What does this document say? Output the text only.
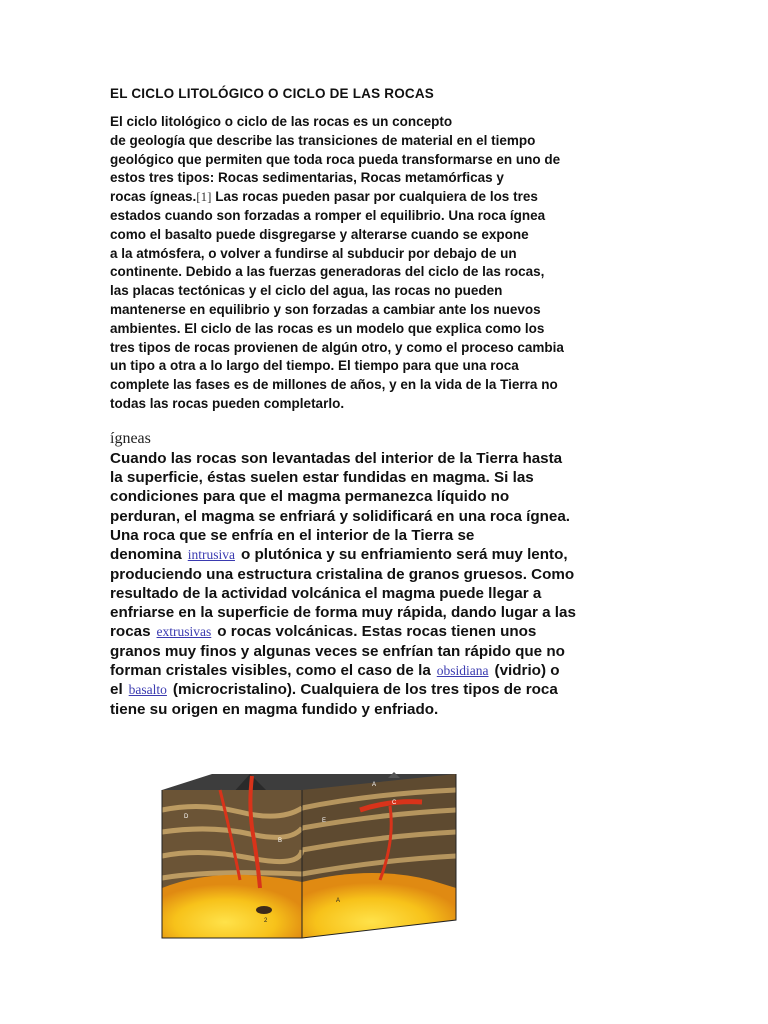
EL CICLO LITOLÓGICO O CICLO DE LAS ROCAS

El ciclo litológico o ciclo de las rocas es un concepto
de geología que describe las transiciones de material en el tiempo
geológico que permiten que toda roca pueda transformarse en uno de
estos tres tipos: Rocas sedimentarias, Rocas metamórficas y
rocas ígneas.[1] Las rocas pueden pasar por cualquiera de los tres
estados cuando son forzadas a romper el equilibrio. Una roca ígnea
como el basalto puede disgregarse y alterarse cuando se expone
a la atmósfera, o volver a fundirse al subducir por debajo de un
continente. Debido a las fuerzas generadoras del ciclo de las rocas,
las placas tectónicas y el ciclo del agua, las rocas no pueden
mantenerse en equilibrio y son forzadas a cambiar ante los nuevos
ambientes. El ciclo de las rocas es un modelo que explica como los
tres tipos de rocas provienen de algún otro, y como el proceso cambia
un tipo a otra a lo largo del tiempo. El tiempo para que una roca
complete las fases es de millones de años, y en la vida de la Tierra no
todas las rocas pueden completarlo.

ígneas

Cuando las rocas son levantadas del interior de la Tierra hasta
la superficie, éstas suelen estar fundidas en magma. Si las
condiciones para que el magma permanezca líquido no
perduran, el magma se enfriará y solidificará en una roca ígnea.
Una roca que se enfría en el interior de la Tierra se
denomina intrusiva o plutónica y su enfriamiento será muy lento,
produciendo una estructura cristalina de granos gruesos. Como
resultado de la actividad volcánica el magma puede llegar a
enfriarse en la superficie de forma muy rápida, dando lugar a las
rocas extrusivas o rocas volcánicas. Estas rocas tienen unos
granos muy finos y algunas veces se enfrían tan rápido que no
forman cristales visibles, como el caso de la obsidiana (vidrio) o
el basalto (microcristalino). Cualquiera de los tres tipos de roca
tiene su origen en magma fundido y enfriado.

E
A
C
D
E
B
2
A
